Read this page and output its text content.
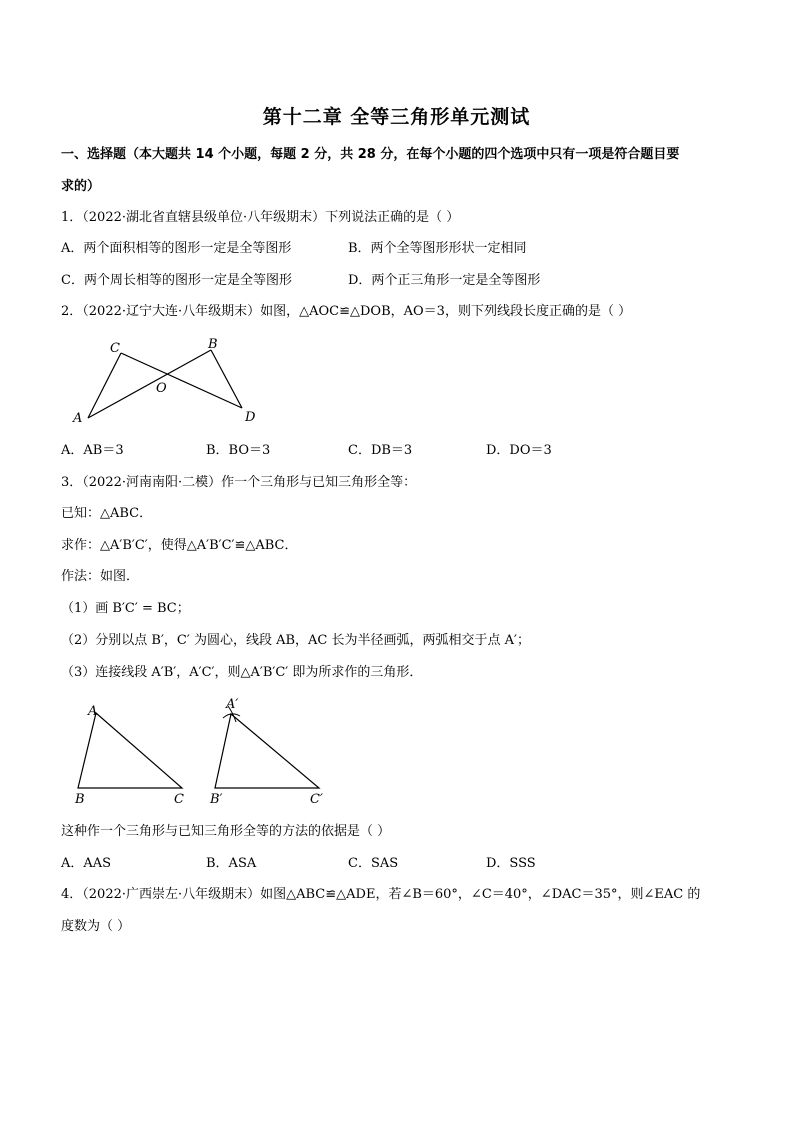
第十二章 全等三角形单元测试
一、选择题（本大题共 14 个小题，每题 2 分，共 28 分，在每个小题的四个选项中只有一项是符合题目要
求的）
1．（2022·湖北省直辖县级单位·八年级期末）下列说法正确的是（ ）
A．两个面积相等的图形一定是全等图形	B．两个全等图形形状一定相同
C．两个周长相等的图形一定是全等图形	D．两个正三角形一定是全等图形
2．（2022·辽宁大连·八年级期末）如图，△AOC≌△DOB，AO＝3，则下列线段长度正确的是（ ）
C	B
O
A	D
A．AB＝3	B．BO＝3	C．DB＝3	D．DO＝3
3．（2022·河南南阳·二模）作一个三角形与已知三角形全等：
已知：△ABC．
求作：△A′B′C′，使得△A′B′C′≌△ABC．
作法：如图．
（1）画 B′C′ = BC；
（2）分别以点 B′，C′ 为圆心，线段 AB，AC 长为半径画弧，两弧相交于点 A′；
（3）连接线段 A′B′，A′C′，则△A′B′C′ 即为所求作的三角形．
A
B	C
A′
B′	C′
这种作一个三角形与已知三角形全等的方法的依据是（ ）
A．AAS	B．ASA	C．SAS	D．SSS
4．（2022·广西崇左·八年级期末）如图△ABC≌△ADE，若∠B＝60°，∠C＝40°，∠DAC＝35°，则∠EAC 的
度数为（ ）
